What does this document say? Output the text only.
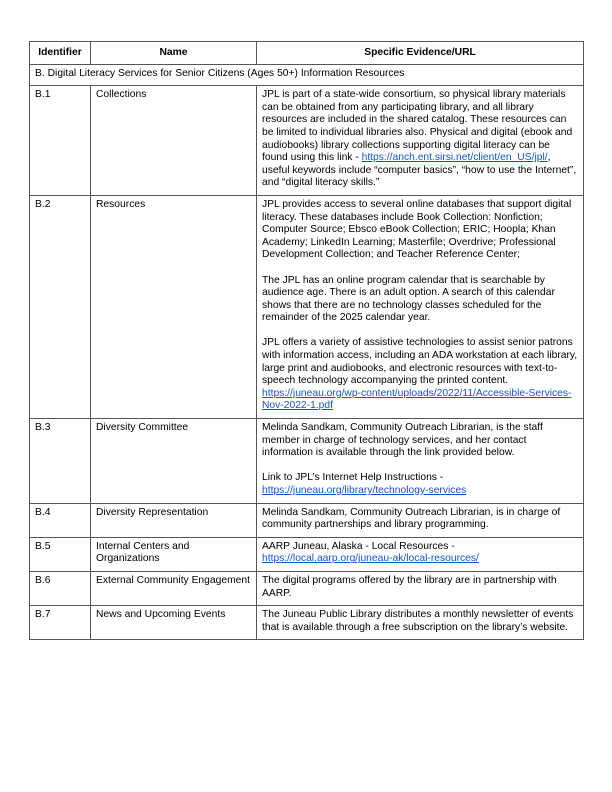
Identifier	Name	Specific Evidence/URL
B. Digital Literacy Services for Senior Citizens (Ages 50+) Information Resources		
B.1	Collections	JPL is part of a state-wide consortium, so physical library materials can be obtained from any participating library, and all library resources are included in the shared catalog. These resources can be limited to individual libraries also. Physical and digital (ebook and audiobooks) library collections supporting digital literacy can be found using this link - https://anch.ent.sirsi.net/client/en_US/jpl/, useful keywords include “computer basics”, “how to use the Internet”, and “digital literacy skills.”

B.2	Resources	JPL provides access to several online databases that support digital literacy. These databases include Book Collection: Nonfiction; Computer Source; Ebsco eBook Collection; ERIC; Hoopla; Khan Academy; LinkedIn Learning; Masterfile; Overdrive; Professional Development Collection; and Teacher Reference Center;

The JPL has an online program calendar that is searchable by audience age. There is an adult option. A search of this calendar shows that there are no technology classes scheduled for the remainder of the 2025 calendar year.

JPL offers a variety of assistive technologies to assist senior patrons with information access, including an ADA workstation at each library, large print and audiobooks, and electronic resources with text-to-speech technology accompanying the printed content. https://juneau.org/wp-content/uploads/2022/11/Accessible-Services-Nov-2022-1.pdf

B.3	Diversity Committee	Melinda Sandkam, Community Outreach Librarian, is the staff member in charge of technology services, and her contact information is available through the link provided below.

Link to JPL’s Internet Help Instructions - https://juneau.org/library/technology-services

B.4	Diversity Representation	Melinda Sandkam, Community Outreach Librarian, is in charge of community partnerships and library programming.

B.5	Internal Centers and Organizations	AARP Juneau, Alaska - Local Resources - https://local.aarp.org/juneau-ak/local-resources/

B.6	External Community Engagement	The digital programs offered by the library are in partnership with AARP.

B.7	News and Upcoming Events	The Juneau Public Library distributes a monthly newsletter of events that is available through a free subscription on the library’s website.
